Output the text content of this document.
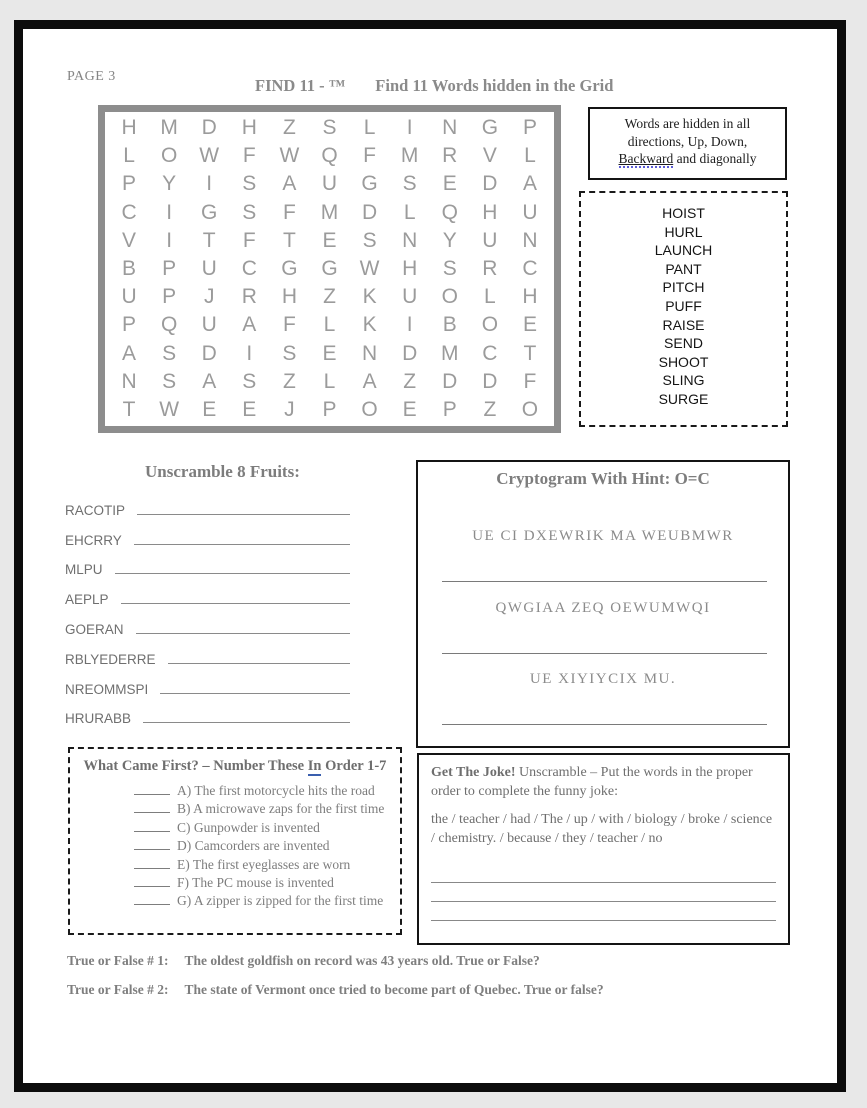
PAGE 3	FIND 11 - ™ Find 11 Words hidden in the Grid
H	M	D	H	Z	S	L	I	N	G	P
L	O	W	F	W	Q	F	M	R	V	L
P	Y	I	S	A	U	G	S	E	D	A
C	I	G	S	F	M	D	L	Q	H	U
V	I	T	F	T	E	S	N	Y	U	N
B	P	U	C	G	G	W	H	S	R	C
U	P	J	R	H	Z	K	U	O	L	H
P	Q	U	A	F	L	K	I	B	O	E
A	S	D	I	S	E	N	D	M	C	T
N	S	A	S	Z	L	A	Z	D	D	F
T	W	E	E	J	P	O	E	P	Z	O
Words are hidden in all
directions, Up, Down,
Backward and diagonally
HOIST
HURL
LAUNCH
PANT
PITCH
PUFF
RAISE
SEND
SHOOT
SLING
SURGE
Unscramble 8 Fruits:
RACOTIP
EHCRRY
MLPU
AEPLP
GOERAN
RBLYEDERRE
NREOMMSPI
HRURABB
Cryptogram With Hint: O=C
UE CI DXEWRIK MA WEUBMWR
QWGIAA ZEQ OEWUMWQI
UE XIYIYCIX MU.
What Came First? – Number These In Order 1-7
A) The first motorcycle hits the road
B) A microwave zaps for the first time
C) Gunpowder is invented
D) Camcorders are invented
E) The first eyeglasses are worn
F) The PC mouse is invented
G) A zipper is zipped for the first time
Get The Joke! Unscramble – Put the words in the proper order to complete the funny joke:
the / teacher / had / The / up / with / biology / broke / science / chemistry. / because / they / teacher / no
True or False # 1: The oldest goldfish on record was 43 years old. True or False?
True or False # 2: The state of Vermont once tried to become part of Quebec. True or false?
